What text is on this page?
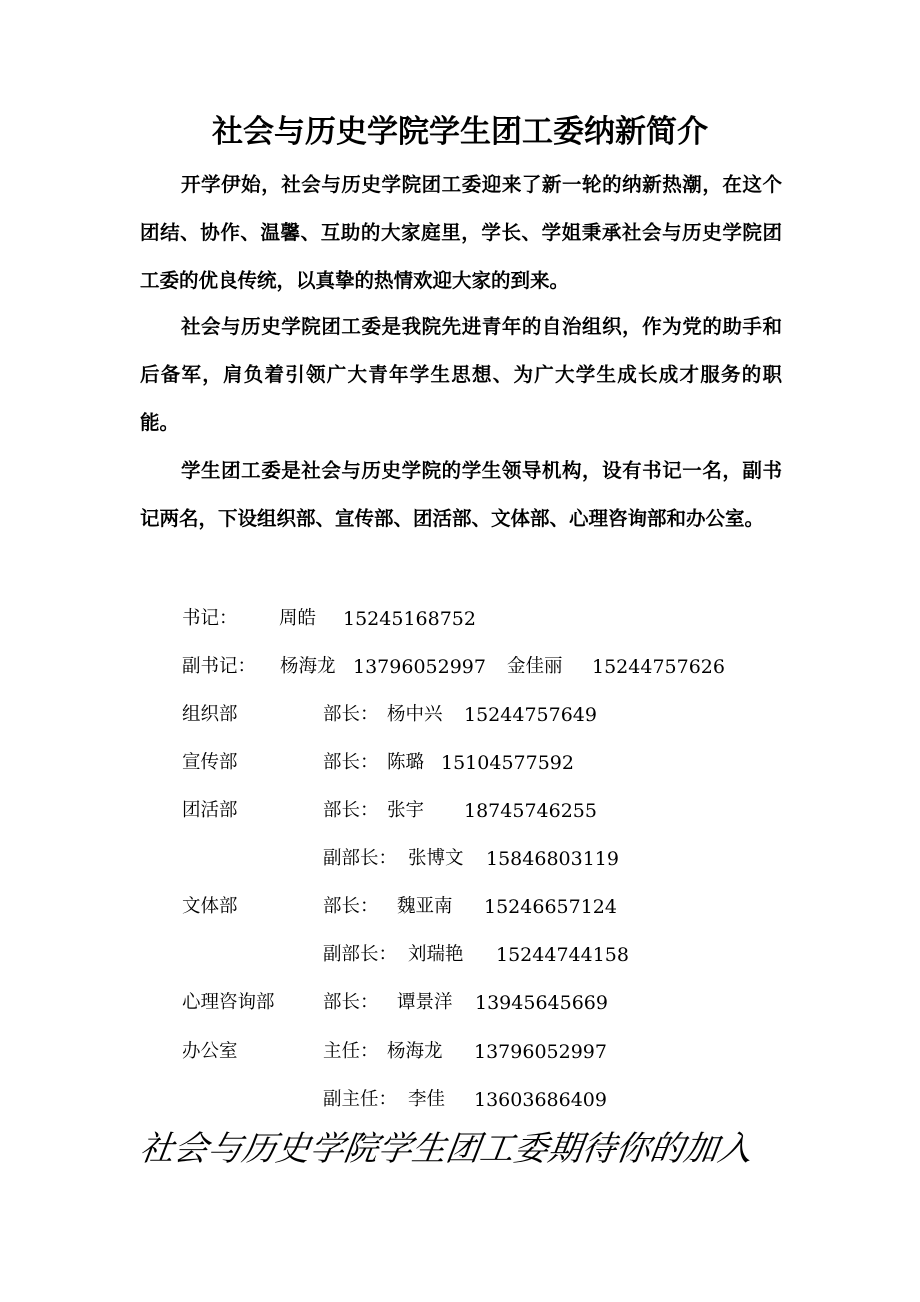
社会与历史学院学生团工委纳新简介

开学伊始，社会与历史学院团工委迎来了新一轮的纳新热潮，在这个团结、协作、温馨、互助的大家庭里，学长、学姐秉承社会与历史学院团工委的优良传统，以真挚的热情欢迎大家的到来。

社会与历史学院团工委是我院先进青年的自治组织，作为党的助手和后备军，肩负着引领广大青年学生思想、为广大学生成长成才服务的职能。

学生团工委是社会与历史学院的学生领导机构，设有书记一名，副书记两名，下设组织部、宣传部、团活部、文体部、心理咨询部和办公室。

书记： 周皓 15245168752
副书记： 杨海龙 13796052997 金佳丽 15244757626
组织部	部长： 杨中兴 15244757649
宣传部	部长： 陈璐 15104577592
团活部	部长： 张宇 18745746255
副部长： 张博文 15846803119
文体部	部长： 魏亚南 15246657124
副部长： 刘瑞艳 15244744158
心理咨询部	部长： 谭景洋 13945645669
办公室	主任： 杨海龙 13796052997
副主任： 李佳 13603686409
社会与历史学院学生团工委期待你的加入
